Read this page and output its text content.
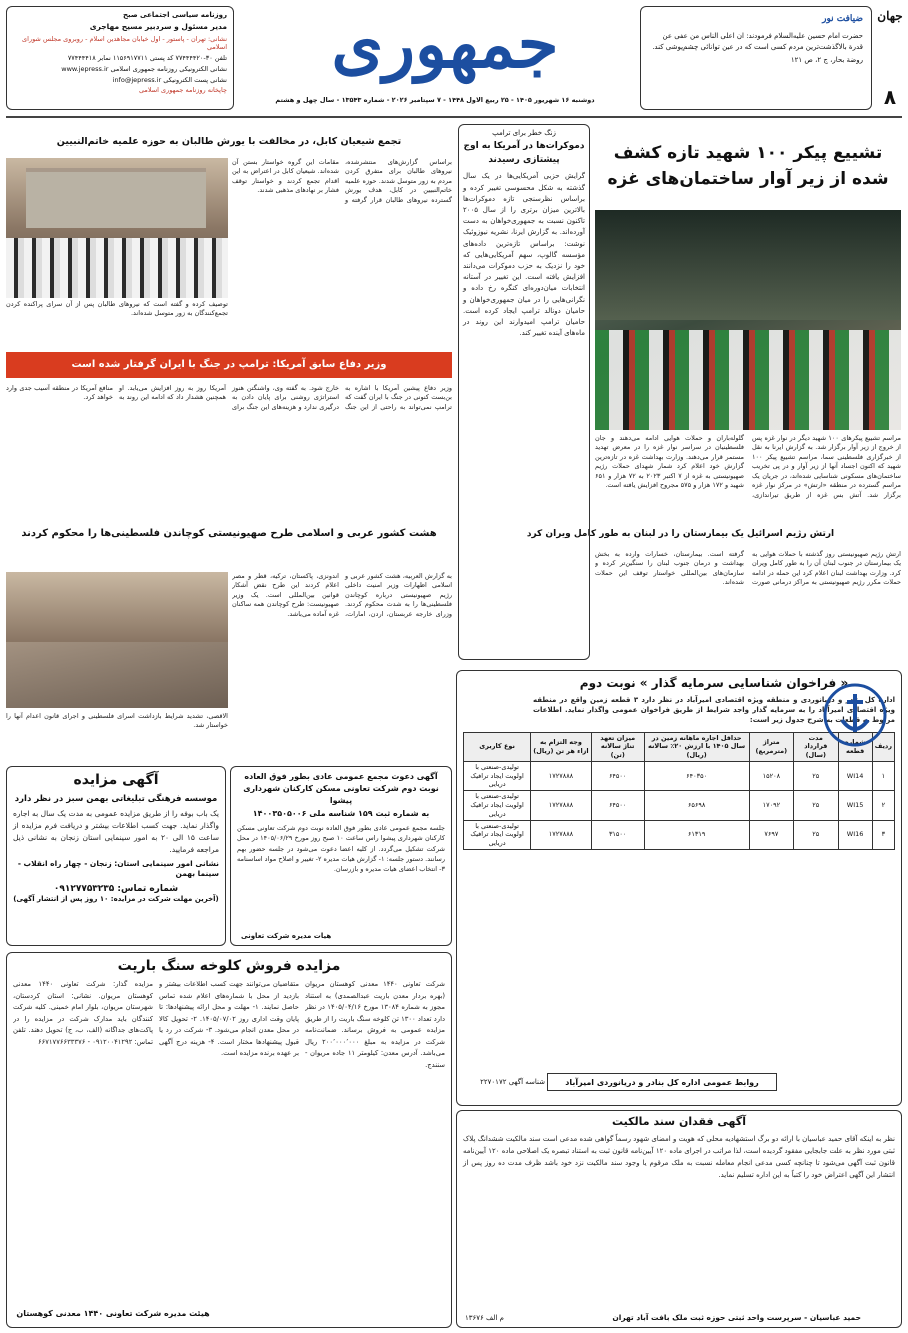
روزنامه سیاسی اجتماعی صبح
مدیر مسئول و سردبیر مسیح مهاجری
نشانی: تهران - پاستور - اول خیابان مجاهدین اسلام - روبروی مجلس شورای اسلامی
تلفن ۳۰-۷۷۴۴۴۴۲۰ کد پستی ۱۱۵۶۹۱۷۷۱۱ نمابر ۷۷۴۴۴۴۱۸
نشانی الکترونیکی روزنامه جمهوری اسلامی www.jepress.ir
نشانی پست الکترونیکی info@jepress.ir
چاپخانه روزنامه جمهوری اسلامی
جمهوری
دوشنبه ۱۶ شهریور ۱۴۰۵ - ۲۵ ربیع الاول ۱۴۴۸ - ۷ سپتامبر ۲۰۲۶ - شماره ۱۳۵۴۳ - سال چهل و هشتم
ضیافت نور
حضرت امام حسین علیه‌السلام فرمودند: ان اعلی الناس من عفی عن قدرة بالاگذشت‌ترین مردم کسی است که در عین توانائی چشم‌پوشی کند.
روضة بحار، ج ۲، ص ۱۲۱
جهان
۸
تشییع پیکر ۱۰۰ شهید تازه کشف شده از زیر آوار ساختمان‌های غزه
مراسم تشییع پیکرهای ۱۰۰ شهید دیگر در نوار غزه پس از خروج از زیر آوار برگزار شد. به گزارش ایرنا به نقل از خبرگزاری فلسطینی سما، مراسم تشییع پیکر ۱۰۰ شهید که اکنون اجساد آنها از زیر آوار و در پی تخریب ساختمان‌های مسکونی شناسایی شده‌اند، در جریان یک مراسم گسترده در منطقه «ارتش» در مرکز نوار غزه برگزار شد. آتش بس غزه از طریق تیراندازی، گلوله‌باران و حملات هوایی ادامه می‌دهند و جان فلسطینیان در سراسر نوار غزه را در معرض تهدید مستمر قرار می‌دهند. وزارت بهداشت غزه در تازه‌ترین گزارش خود اعلام کرد شمار شهدای حملات رژیم صهیونیستی به غزه از ۷ اکتبر ۲۰۲۳ به ۷۲ هزار و ۶۵۱ شهید و ۱۷۲ هزار و ۵۷۵ مجروح افزایش یافته است.
ارتش رژیم اسرائیل یک بیمارستان را در لبنان به طور کامل ویران کرد
ارتش رژیم صهیونیستی روز گذشته با حملات هوایی به یک بیمارستان در جنوب لبنان آن را به طور کامل ویران کرد. وزارت بهداشت لبنان اعلام کرد این حمله در ادامه حملات مکرر رژیم صهیونیستی به مراکز درمانی صورت گرفته است. بیمارستان، خسارات وارده به بخش بهداشت و درمان جنوب لبنان را سنگین‌تر کرده و سازمان‌های بین‌المللی خواستار توقف این حملات شده‌اند.
زنگ خطر برای ترامپ
دموکرات‌ها در آمریکا به اوج پیشتازی رسیدند
گرایش حزبی آمریکایی‌ها در یک سال گذشته به شکل محسوسی تغییر کرده و براساس نظرسنجی تازه دموکرات‌ها بالاترین میزان برتری را از سال ۲۰۰۵ تاکنون نسبت به جمهوری‌خواهان به دست آورده‌اند. به گزارش ایرنا، نشریه نیوزوئیک نوشت: براساس تازه‌ترین داده‌های مؤسسه گالوپ، سهم آمریکایی‌هایی که خود را نزدیک به حزب دموکرات می‌دانند افزایش یافته است. این تغییر در آستانه انتخابات میان‌دوره‌ای کنگره رخ داده و نگرانی‌هایی را در میان جمهوری‌خواهان و حامیان دونالد ترامپ ایجاد کرده است. حامیان ترامپ امیدوارند این روند در ماه‌های آینده تغییر کند.
تجمع شیعیان کابل، در مخالفت با یورش طالبان به حوزه علمیه خاتم‌النبیین
توصیف کرده و گفته است که نیروهای طالبان پس از آن سرای پراکنده کردن تجمع‌کنندگان به زور متوسل شده‌اند.
براساس گزارش‌های منتشرشده، نیروهای طالبان برای متفرق کردن مردم به زور متوسل شدند. حوزه علمیه خاتم‌النبیین در کابل، هدف یورش گسترده نیروهای طالبان قرار گرفته و مقامات این گروه خواستار بستن آن شده‌اند. شیعیان کابل در اعتراض به این اقدام تجمع کردند و خواستار توقف فشار بر نهادهای مذهبی شدند.
وزیر دفاع سابق آمریکا: ترامپ در جنگ با ایران گرفتار شده است
وزیر دفاع پیشین آمریکا با اشاره به بن‌بست کنونی در جنگ با ایران گفت که ترامپ نمی‌تواند به راحتی از این جنگ خارج شود. به گفته وی، واشنگتن هنوز استراتژی روشنی برای پایان دادن به درگیری ندارد و هزینه‌های این جنگ برای آمریکا روز به روز افزایش می‌یابد. او همچنین هشدار داد که ادامه این روند به منافع آمریکا در منطقه آسیب جدی وارد خواهد کرد.
هشت کشور عربی و اسلامی طرح صهیونیستی کوچاندن فلسطینی‌ها را محکوم کردند
الاقصی، تشدید شرایط بازداشت اسرای فلسطینی و اجرای قانون اعدام آنها را خواستار شد.
به گزارش العربیه، هشت کشور عربی و اسلامی اظهارات وزیر امنیت داخلی رژیم صهیونیستی درباره کوچاندن فلسطینی‌ها را به شدت محکوم کردند. وزرای خارجه عربستان، اردن، امارات، اندونزی، پاکستان، ترکیه، قطر و مصر اعلام کردند این طرح نقض آشکار قوانین بین‌المللی است. یک وزیر صهیونیست: طرح کوچاندن همه ساکنان غزه آماده می‌باشد.
« فراخوان شناسایی سرمایه گذار » نوبت دوم
اداره کل بنادر و دریانوردی و منطقه ویژه اقتصادی امیرآباد در نظر دارد ۳ قطعه زمین واقع در منطقه ویژه اقتصادی امیرآباد را به سرمایه گذار واجد شرایط از طریق فراخوان عمومی واگذار نماید. اطلاعات مربوط به قطعات به شرح جدول زیر است:
ردیف	شماره قطعه	مدت قرارداد (سال)	متراژ (مترمربع)	حداقل اجاره ماهانه زمین در سال ۱۴۰۵ با ارزش ۲۰٪ سالانه (ریال)	میزان تعهد تناژ سالانه (تن)	وجه التزام به ازاء هر تن (ریال)	نوع کاربری
۱	WI14	۲۵	۱۵۲۰۸	۶۴۰۳۵۰	۶۴۵۰۰	۱۷۲۷۸۸۸	تولیدی-صنعتی با اولویت ایجاد ترافیک دریایی
۲	WI15	۲۵	۱۷۰۹۲	۶۵۶۹۸	۶۴۵۰۰	۱۷۲۷۸۸۸	تولیدی-صنعتی با اولویت ایجاد ترافیک دریایی
۳	WI16	۲۵	۷۶۹۷	۶۱۳۱۹	۳۱۵۰۰	۱۷۲۷۸۸۸	تولیدی-صنعتی با اولویت ایجاد ترافیک دریایی
روابط عمومی اداره کل بنادر و دریانوردی امیرآباد
شناسه آگهی ۲۲۷۰۱۷۲
آگهی فقدان سند مالکیت
نظر به اینکه آقای حمید عباسیان با ارائه دو برگ استشهادیه محلی که هویت و امضای شهود رسماً گواهی شده مدعی است سند مالکیت ششدانگ پلاک ثبتی مورد نظر به علت جابجایی مفقود گردیده است، لذا مراتب در اجرای ماده ۱۲۰ آیین‌نامه قانون ثبت به استناد تبصره یک اصلاحی ماده ۱۲۰ آیین‌نامه قانون ثبت آگهی می‌شود تا چنانچه کسی مدعی انجام معامله نسبت به ملک مرقوم یا وجود سند مالکیت نزد خود باشد ظرف مدت ده روز پس از انتشار این آگهی اعتراض خود را کتباً به این اداره تسلیم نماید.
حمید عباسیان - سرپرست واحد ثبتی حوزه ثبت ملک بافت آباد تهران
م الف ۱۳۶۷۶
آگهی مزایده
موسسه فرهنگی تبلیغاتی بهمن سبز در نظر دارد
یک باب بوفه را از طریق مزایده عمومی به مدت یک سال به اجاره واگذار نماید. جهت کسب اطلاعات بیشتر و دریافت فرم مزایده از ساعت ۱۵ الی ۲۰ به امور سینمایی استان زنجان به نشانی ذیل مراجعه فرمایید.
نشانی امور سینمایی استان: زنجان - چهار راه انقلاب - سینما بهمن
شماره تماس: ۰۹۱۲۷۷۵۳۲۳۵
(آخرین مهلت شرکت در مزایده: ۱۰ روز پس از انتشار آگهی)
آگهی دعوت مجمع عمومی عادی بطور فوق العاده نوبت دوم شرکت تعاونی مسکن کارکنان شهرداری پیشوا
به شماره ثبت ۱۵۹ شناسه ملی ۱۴۰۰۳۵۰۵۰۰۶
جلسه مجمع عمومی عادی بطور فوق العاده نوبت دوم شرکت تعاونی مسکن کارکنان شهرداری پیشوا راس ساعت ۱۰ صبح روز مورخ ۱۴۰۵/۰۶/۲۹ در محل شرکت تشکیل می‌گردد. از کلیه اعضا دعوت می‌شود در جلسه حضور بهم رسانند. دستور جلسه: ۱- گزارش هیات مدیره ۲- تغییر و اصلاح مواد اساسنامه ۳- انتخاب اعضای هیات مدیره و بازرسان.
هیات مدیره شرکت تعاونی
مزایده فروش کلوخه سنگ باریت
شرکت تعاونی ۱۴۴۰ معدنی کوهستان مریوان (بهره بردار معدن باریت عبدالصمدی) به استناد مجوز به شماره ۱۳۰۸۴ مورخ ۱۴۰۵/۰۴/۱۶ در نظر دارد تعداد ۱۳۰۰ تن کلوخه سنگ باریت را از طریق مزایده عمومی به فروش برساند. ضمانت‌نامه شرکت در مزایده به مبلغ ۲۰۰٬۰۰۰٬۰۰۰ ریال می‌باشد. آدرس معدن: کیلومتر ۱۱ جاده مریوان - سنندج.
متقاضیان می‌توانند جهت کسب اطلاعات بیشتر و بازدید از محل با شماره‌های اعلام شده تماس حاصل نمایند. ۱- مهلت و محل ارائه پیشنهادها: تا پایان وقت اداری روز ۱۴۰۵/۰۷/۰۲. ۲- تحویل کالا در محل معدن انجام می‌شود. ۳- شرکت در رد یا قبول پیشنهادها مختار است. ۴- هزینه درج آگهی بر عهده برنده مزایده است.
مزایده گذار: شرکت تعاونی ۱۴۴۰ معدنی کوهستان مریوان. نشانی: استان کردستان، شهرستان مریوان، بلوار امام خمینی. کلیه شرکت کنندگان باید مدارک شرکت در مزایده را در پاکت‌های جداگانه (الف، ب، ج) تحویل دهند. تلفن تماس: ۰۹۱۲۰۰۴۱۲۹۲ - ۶۶۷۱۷۷۶۶۳۳۳۷۶
هیئت مدیره شرکت تعاونی ۱۴۴۰ معدنی کوهستان
